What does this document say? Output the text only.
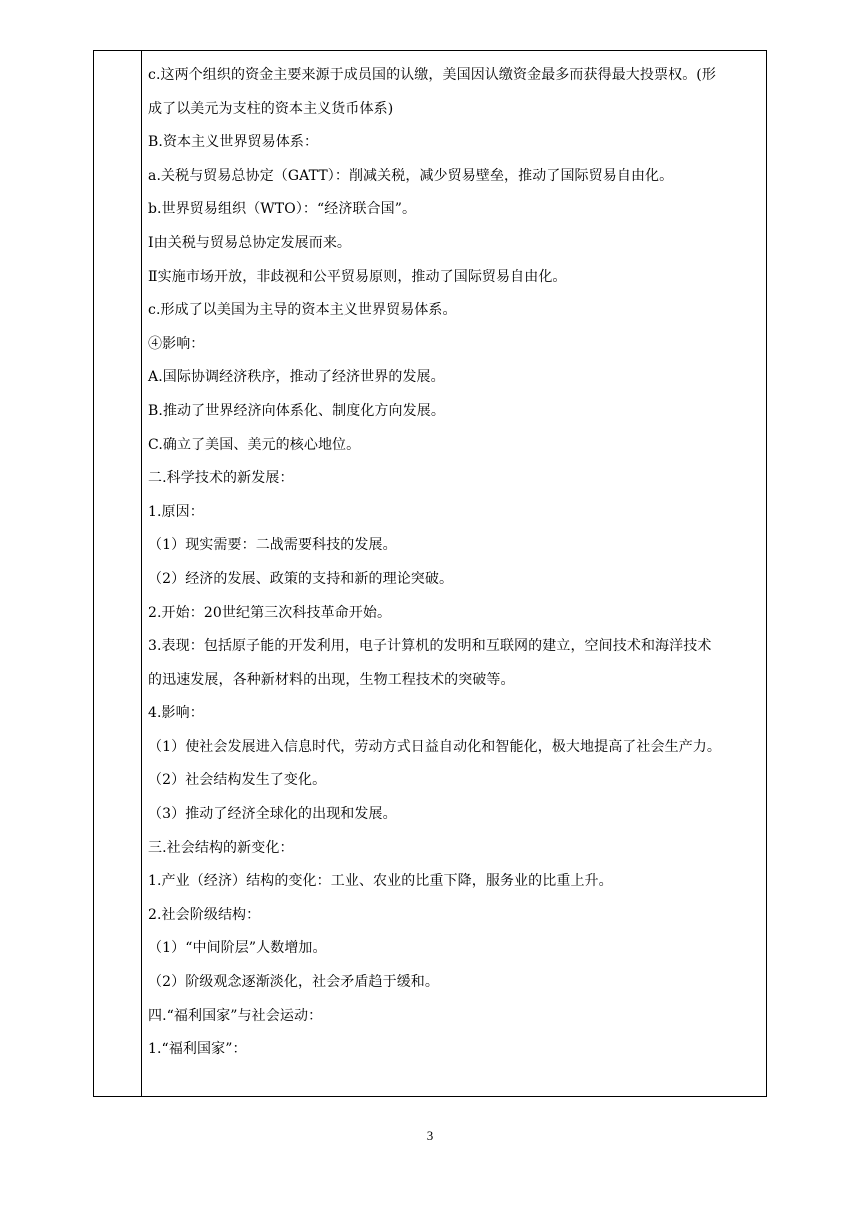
c.这两个组织的资金主要来源于成员国的认缴，美国因认缴资金最多而获得最大投票权。(形
成了以美元为支柱的资本主义货币体系)
B.资本主义世界贸易体系：
a.关税与贸易总协定（GATT）：削减关税，减少贸易壁垒，推动了国际贸易自由化。
b.世界贸易组织（WTO）：“经济联合国”。
Ⅰ由关税与贸易总协定发展而来。
Ⅱ实施市场开放，非歧视和公平贸易原则，推动了国际贸易自由化。
c.形成了以美国为主导的资本主义世界贸易体系。
④影响：
A.国际协调经济秩序，推动了经济世界的发展。
B.推动了世界经济向体系化、制度化方向发展。
C.确立了美国、美元的核心地位。
二.科学技术的新发展：
1.原因：
（1）现实需要：二战需要科技的发展。
（2）经济的发展、政策的支持和新的理论突破。
2.开始：20世纪第三次科技革命开始。
3.表现：包括原子能的开发利用，电子计算机的发明和互联网的建立，空间技术和海洋技术
的迅速发展，各种新材料的出现，生物工程技术的突破等。
4.影响：
（1）使社会发展进入信息时代，劳动方式日益自动化和智能化，极大地提高了社会生产力。
（2）社会结构发生了变化。
（3）推动了经济全球化的出现和发展。
三.社会结构的新变化：
1.产业（经济）结构的变化：工业、农业的比重下降，服务业的比重上升。
2.社会阶级结构：
（1）“中间阶层”人数增加。
（2）阶级观念逐渐淡化，社会矛盾趋于缓和。
四.“福利国家”与社会运动：
1.“福利国家”：
3
